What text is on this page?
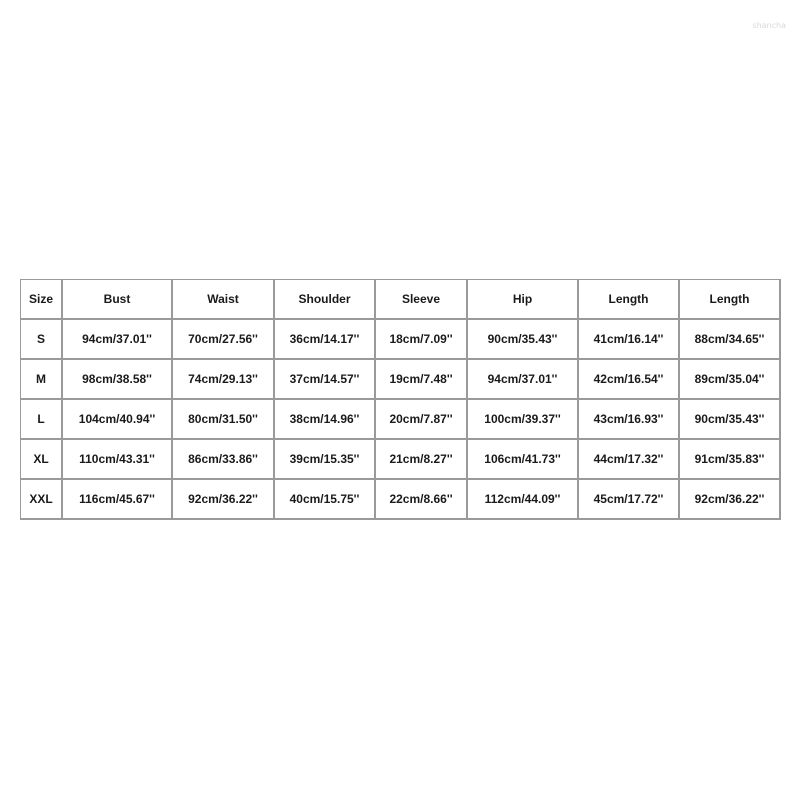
shancha
Size	Bust	Waist	Shoulder	Sleeve	Hip	Length	Length
S	94cm/37.01''	70cm/27.56''	36cm/14.17''	18cm/7.09''	90cm/35.43''	41cm/16.14''	88cm/34.65''
M	98cm/38.58''	74cm/29.13''	37cm/14.57''	19cm/7.48''	94cm/37.01''	42cm/16.54''	89cm/35.04''
L	104cm/40.94''	80cm/31.50''	38cm/14.96''	20cm/7.87''	100cm/39.37''	43cm/16.93''	90cm/35.43''
XL	110cm/43.31''	86cm/33.86''	39cm/15.35''	21cm/8.27''	106cm/41.73''	44cm/17.32''	91cm/35.83''
XXL	116cm/45.67''	92cm/36.22''	40cm/15.75''	22cm/8.66''	112cm/44.09''	45cm/17.72''	92cm/36.22''
